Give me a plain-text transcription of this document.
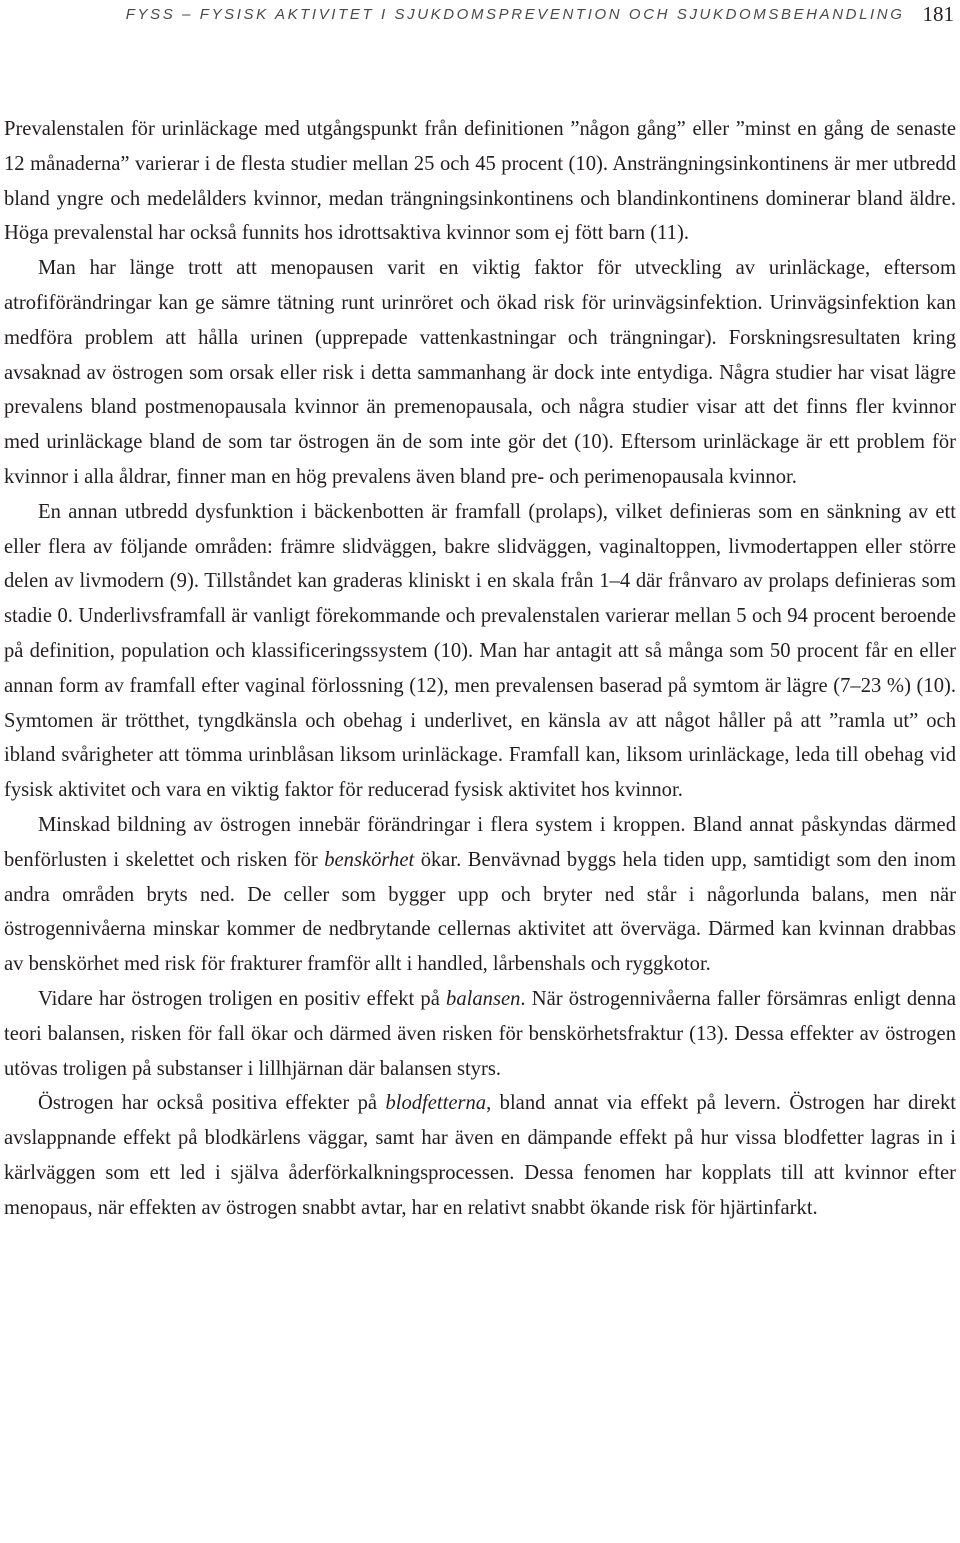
FYSS – FYSISK AKTIVITET I SJUKDOMSPREVENTION OCH SJUKDOMSBEHANDLING 181

Prevalenstalen för urinläckage med utgångspunkt från definitionen ”någon gång” eller ”minst en gång de senaste 12 månaderna” varierar i de flesta studier mellan 25 och 45 procent (10). Ansträngningsinkontinens är mer utbredd bland yngre och medelålders kvinnor, medan trängningsinkontinens och blandinkontinens dominerar bland äldre. Höga prevalenstal har också funnits hos idrottsaktiva kvinnor som ej fött barn (11).

Man har länge trott att menopausen varit en viktig faktor för utveckling av urinläckage, eftersom atrofiförändringar kan ge sämre tätning runt urinröret och ökad risk för urinvägsinfektion. Urinvägsinfektion kan medföra problem att hålla urinen (upprepade vattenkastningar och trängningar). Forskningsresultaten kring avsaknad av östrogen som orsak eller risk i detta sammanhang är dock inte entydiga. Några studier har visat lägre prevalens bland postmenopausala kvinnor än premenopausala, och några studier visar att det finns fler kvinnor med urinläckage bland de som tar östrogen än de som inte gör det (10). Eftersom urinläckage är ett problem för kvinnor i alla åldrar, finner man en hög prevalens även bland pre- och perimenopausala kvinnor.

En annan utbredd dysfunktion i bäckenbotten är framfall (prolaps), vilket definieras som en sänkning av ett eller flera av följande områden: främre slidväggen, bakre slidväggen, vaginaltoppen, livmodertappen eller större delen av livmodern (9). Tillståndet kan graderas kliniskt i en skala från 1–4 där frånvaro av prolaps definieras som stadie 0. Underlivsframfall är vanligt förekommande och prevalenstalen varierar mellan 5 och 94 procent beroende på definition, population och klassificeringssystem (10). Man har antagit att så många som 50 procent får en eller annan form av framfall efter vaginal förlossning (12), men prevalensen baserad på symtom är lägre (7–23 %) (10). Symtomen är trötthet, tyngdkänsla och obehag i underlivet, en känsla av att något håller på att ”ramla ut” och ibland svårigheter att tömma urinblåsan liksom urinläckage. Framfall kan, liksom urinläckage, leda till obehag vid fysisk aktivitet och vara en viktig faktor för reducerad fysisk aktivitet hos kvinnor.

Minskad bildning av östrogen innebär förändringar i flera system i kroppen. Bland annat påskyndas därmed benförlusten i skelettet och risken för benskörhet ökar. Benvävnad byggs hela tiden upp, samtidigt som den inom andra områden bryts ned. De celler som bygger upp och bryter ned står i någorlunda balans, men när östrogennivåerna minskar kommer de nedbrytande cellernas aktivitet att överväga. Därmed kan kvinnan drabbas av benskörhet med risk för frakturer framför allt i handled, lårbenshals och ryggkotor.

Vidare har östrogen troligen en positiv effekt på balansen. När östrogennivåerna faller försämras enligt denna teori balansen, risken för fall ökar och därmed även risken för benskörhetsfraktur (13). Dessa effekter av östrogen utövas troligen på substanser i lillhjärnan där balansen styrs.

Östrogen har också positiva effekter på blodfetterna, bland annat via effekt på levern. Östrogen har direkt avslappnande effekt på blodkärlens väggar, samt har även en dämpande effekt på hur vissa blodfetter lagras in i kärlväggen som ett led i själva åderförkalkningsprocessen. Dessa fenomen har kopplats till att kvinnor efter menopaus, när effekten av östrogen snabbt avtar, har en relativt snabbt ökande risk för hjärtinfarkt.
